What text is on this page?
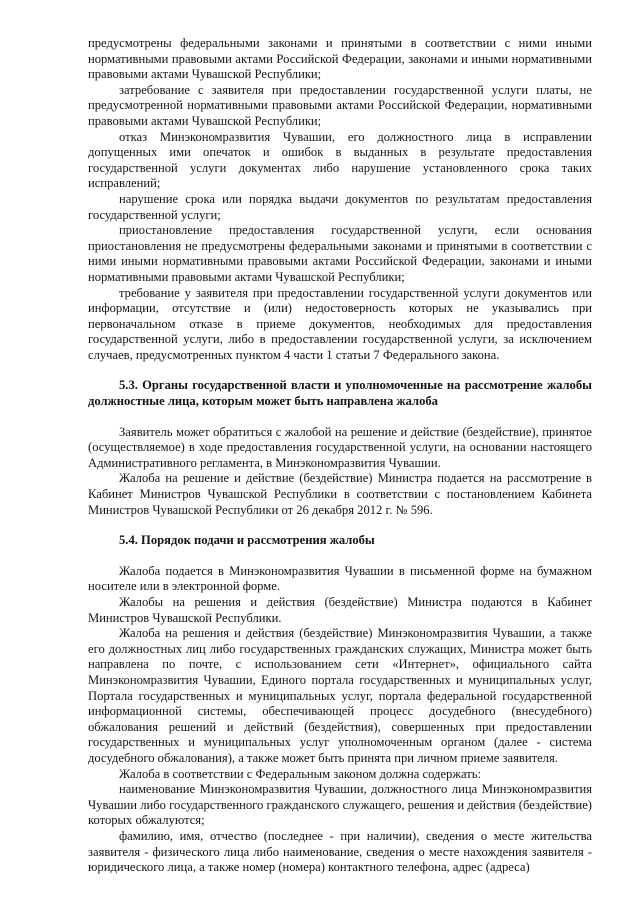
предусмотрены федеральными законами и принятыми в соответствии с ними иными нормативными правовыми актами Российской Федерации, законами и иными нормативными правовыми актами Чувашской Республики;

затребование с заявителя при предоставлении государственной услуги платы, не предусмотренной нормативными правовыми актами Российской Федерации, нормативными правовыми актами Чувашской Республики;

отказ Минэкономразвития Чувашии, его должностного лица в исправлении допущенных ими опечаток и ошибок в выданных в результате предоставления государственной услуги документах либо нарушение установленного срока таких исправлений;

нарушение срока или порядка выдачи документов по результатам предоставления государственной услуги;

приостановление предоставления государственной услуги, если основания приостановления не предусмотрены федеральными законами и принятыми в соответствии с ними иными нормативными правовыми актами Российской Федерации, законами и иными нормативными правовыми актами Чувашской Республики;

требование у заявителя при предоставлении государственной услуги документов или информации, отсутствие и (или) недостоверность которых не указывались при первоначальном отказе в приеме документов, необходимых для предоставления государственной услуги, либо в предоставлении государственной услуги, за исключением случаев, предусмотренных пунктом 4 части 1 статьи 7 Федерального закона.

5.3. Органы государственной власти и уполномоченные на рассмотрение жалобы должностные лица, которым может быть направлена жалоба

Заявитель может обратиться с жалобой на решение и действие (бездействие), принятое (осуществляемое) в ходе предоставления государственной услуги, на основании настоящего Административного регламента, в Минэкономразвития Чувашии.

Жалоба на решение и действие (бездействие) Министра подается на рассмотрение в Кабинет Министров Чувашской Республики в соответствии с постановлением Кабинета Министров Чувашской Республики от 26 декабря 2012 г. № 596.

5.4. Порядок подачи и рассмотрения жалобы

Жалоба подается в Минэкономразвития Чувашии в письменной форме на бумажном носителе или в электронной форме.

Жалобы на решения и действия (бездействие) Министра подаются в Кабинет Министров Чувашской Республики.

Жалоба на решения и действия (бездействие) Минэкономразвития Чувашии, а также его должностных лиц либо государственных гражданских служащих, Министра может быть направлена по почте, с использованием сети «Интернет», официального сайта Минэкономразвития Чувашии, Единого портала государственных и муниципальных услуг, Портала государственных и муниципальных услуг, портала федеральной государственной информационной системы, обеспечивающей процесс досудебного (внесудебного) обжалования решений и действий (бездействия), совершенных при предоставлении государственных и муниципальных услуг уполномоченным органом (далее - система досудебного обжалования), а также может быть принята при личном приеме заявителя.

Жалоба в соответствии с Федеральным законом должна содержать:

наименование Минэкономразвития Чувашии, должностного лица Минэкономразвития Чувашии либо государственного гражданского служащего, решения и действия (бездействие) которых обжалуются;

фамилию, имя, отчество (последнее - при наличии), сведения о месте жительства заявителя - физического лица либо наименование, сведения о месте нахождения заявителя - юридического лица, а также номер (номера) контактного телефона, адрес (адреса)
